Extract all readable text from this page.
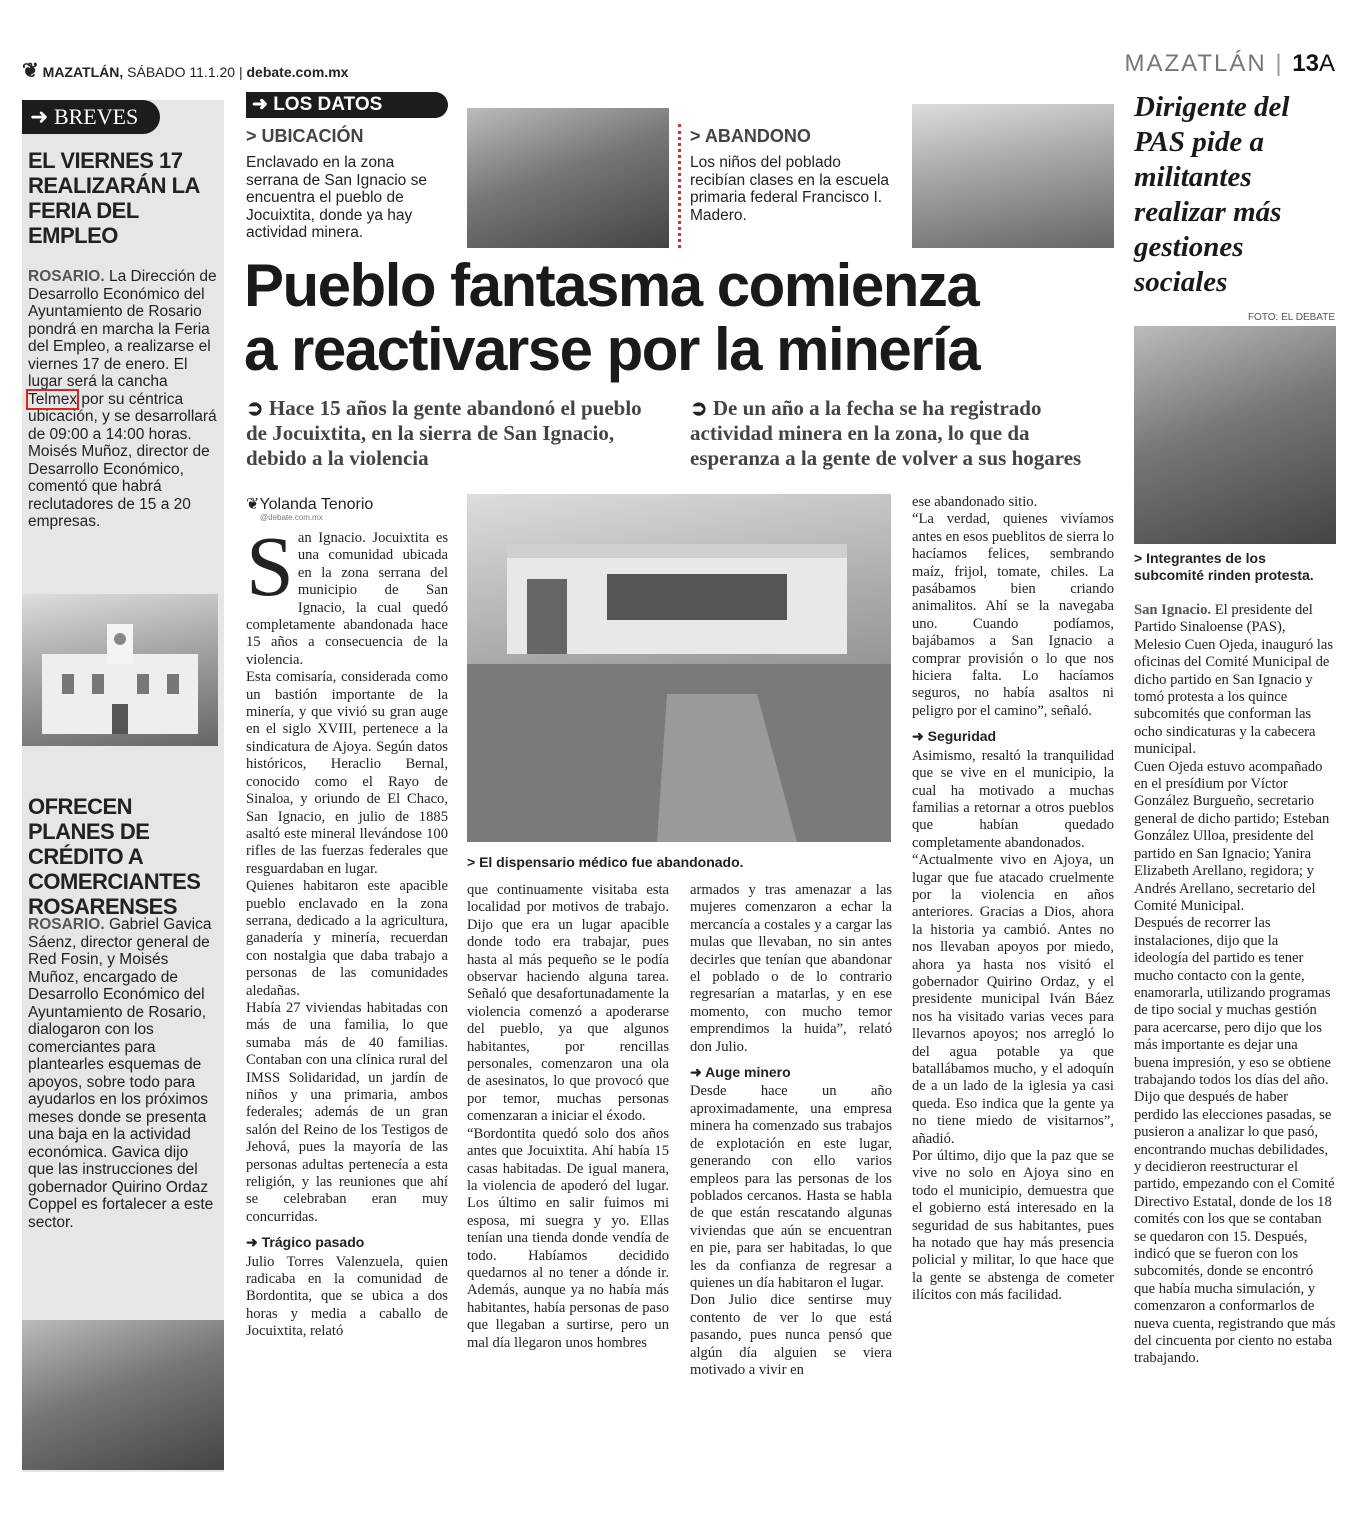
❦ MAZATLÁN, SÁBADO 11.1.20 | debate.com.mx	MAZATLÁN | 13A
➜ BREVES
EL VIERNES 17 REALIZARÁN LA FERIA DEL EMPLEO
ROSARIO. La Dirección de Desarrollo Económico del Ayuntamiento de Rosario pondrá en marcha la Feria del Empleo, a realizarse el viernes 17 de enero. El lugar será la cancha Telmex por su céntrica ubicación, y se desarrollará de 09:00 a 14:00 horas. Moisés Muñoz, director de Desarrollo Económico, comentó que habrá reclutadores de 15 a 20 empresas.
OFRECEN PLANES DE CRÉDITO A COMERCIANTES ROSARENSES
ROSARIO. Gabriel Gavica Sáenz, director general de Red Fosin, y Moisés Muñoz, encargado de Desarrollo Económico del Ayuntamiento de Rosario, dialogaron con los comerciantes para plantearles esquemas de apoyos, sobre todo para ayudarlos en los próximos meses donde se presenta una baja en la actividad económica. Gavica dijo que las instrucciones del gobernador Quirino Ordaz Coppel es fortalecer a este sector.
➜ LOS DATOS
> UBICACIÓN
Enclavado en la zona serrana de San Ignacio se encuentra el pueblo de Jocuixtita, donde ya hay actividad minera.
> ABANDONO
Los niños del poblado recibían clases en la escuela primaria federal Francisco I. Madero.
Pueblo fantasma comienza
a reactivarse por la minería
➲ Hace 15 años la gente abandonó el pueblo de Jocuixtita, en la sierra de San Ignacio, debido a la violencia
➲ De un año a la fecha se ha registrado actividad minera en la zona, lo que da esperanza a la gente de volver a sus hogares
❦Yolanda Tenorio
@debate.com.mx
> El dispensario médico fue abandonado.
S an Ignacio. Jocuixtita es una comunidad ubicada en la zona serrana del municipio de San Ignacio, la cual quedó completamente abandonada hace 15 años a consecuencia de la violencia.

Esta comisaría, considerada como un bastión importante de la minería, y que vivió su gran auge en el siglo XVIII, pertenece a la sindicatura de Ajoya. Según datos históricos, Heraclio Bernal, conocido como el Rayo de Sinaloa, y oriundo de El Chaco, San Ignacio, en julio de 1885 asaltó este mineral llevándose 100 rifles de las fuerzas federales que resguardaban en lugar.

Quienes habitaron este apacible pueblo enclavado en la zona serrana, dedicado a la agricultura, ganadería y minería, recuerdan con nostalgia que daba trabajo a personas de las comunidades aledañas.

Había 27 viviendas habitadas con más de una familia, lo que sumaba más de 40 familias. Contaban con una clínica rural del IMSS Solidaridad, un jardín de niños y una primaria, ambos federales; además de un gran salón del Reino de los Testigos de Jehová, pues la mayoría de las personas adultas pertenecía a esta religión, y las reuniones que ahí se celebraban eran muy concurridas.

➜ Trágico pasado

Julio Torres Valenzuela, quien radicaba en la comunidad de Bordontita, que se ubica a dos horas y media a caballo de Jocuixtita, relató

que continuamente visitaba esta localidad por motivos de trabajo. Dijo que era un lugar apacible donde todo era trabajar, pues hasta al más pequeño se le podía observar haciendo alguna tarea. Señaló que desafortunadamente la violencia comenzó a apoderarse del pueblo, ya que algunos habitantes, por rencillas personales, comenzaron una ola de asesinatos, lo que provocó que por temor, muchas personas comenzaran a iniciar el éxodo.

“Bordontita quedó solo dos años antes que Jocuixtita. Ahí había 15 casas habitadas. De igual manera, la violencia de apoderó del lugar. Los último en salir fuimos mi esposa, mi suegra y yo. Ellas tenían una tienda donde vendía de todo. Habíamos decidido quedarnos al no tener a dónde ir. Además, aunque ya no había más habitantes, había personas de paso que llegaban a surtirse, pero un mal día llegaron unos hombres

armados y tras amenazar a las mujeres comenzaron a echar la mercancía a costales y a cargar las mulas que llevaban, no sin antes decirles que tenían que abandonar el poblado o de lo contrario regresarían a matarlas, y en ese momento, con mucho temor emprendimos la huida”, relató don Julio.

➜ Auge minero

Desde hace un año aproximadamente, una empresa minera ha comenzado sus trabajos de explotación en este lugar, generando con ello varios empleos para las personas de los poblados cercanos. Hasta se habla de que están rescatando algunas viviendas que aún se encuentran en pie, para ser habitadas, lo que les da confianza de regresar a quienes un día habitaron el lugar.

Don Julio dice sentirse muy contento de ver lo que está pasando, pues nunca pensó que algún día alguien se viera motivado a vivir en

ese abandonado sitio.

“La verdad, quienes vivíamos antes en esos pueblitos de sierra lo hacíamos felices, sembrando maíz, frijol, tomate, chiles. La pasábamos bien criando animalitos. Ahí se la navegaba uno. Cuando podíamos, bajábamos a San Ignacio a comprar provisión o lo que nos hiciera falta. Lo hacíamos seguros, no había asaltos ni peligro por el camino”, señaló.

➜ Seguridad

Asimismo, resaltó la tranquilidad que se vive en el municipio, la cual ha motivado a muchas familias a retornar a otros pueblos que habían quedado completamente abandonados.

“Actualmente vivo en Ajoya, un lugar que fue atacado cruelmente por la violencia en años anteriores. Gracias a Dios, ahora la historia ya cambió. Antes no nos llevaban apoyos por miedo, ahora ya hasta nos visitó el gobernador Quirino Ordaz, y el presidente municipal Iván Báez nos ha visitado varias veces para llevarnos apoyos; nos arregló lo del agua potable ya que batallábamos mucho, y el adoquín de a un lado de la iglesia ya casi queda. Eso indica que la gente ya no tiene miedo de visitarnos”, añadió.

Por último, dijo que la paz que se vive no solo en Ajoya sino en todo el municipio, demuestra que el gobierno está interesado en la seguridad de sus habitantes, pues ha notado que hay más presencia policial y militar, lo que hace que la gente se abstenga de cometer ilícitos con más facilidad.

Dirigente del PAS pide a militantes realizar más gestiones sociales
FOTO: EL DEBATE
> Integrantes de los subcomité rinden protesta.
San Ignacio. El presidente del Partido Sinaloense (PAS), Melesio Cuen Ojeda, inauguró las oficinas del Comité Municipal de dicho partido en San Ignacio y tomó protesta a los quince subcomités que conforman las ocho sindicaturas y la cabecera municipal.

Cuen Ojeda estuvo acompañado en el presídium por Víctor González Burgueño, secretario general de dicho partido; Esteban González Ulloa, presidente del partido en San Ignacio; Yanira Elizabeth Arellano, regidora; y Andrés Arellano, secretario del Comité Municipal.

Después de recorrer las instalaciones, dijo que la ideología del partido es tener mucho contacto con la gente, enamorarla, utilizando programas de tipo social y muchas gestión para acercarse, pero dijo que los más importante es dejar una buena impresión, y eso se obtiene trabajando todos los días del año.

Dijo que después de haber perdido las elecciones pasadas, se pusieron a analizar lo que pasó, encontrando muchas debilidades, y decidieron reestructurar el partido, empezando con el Comité Directivo Estatal, donde de los 18 comités con los que se contaban se quedaron con 15. Después, indicó que se fueron con los subcomités, donde se encontró que había mucha simulación, y comenzaron a conformarlos de nueva cuenta, registrando que más del cincuenta por ciento no estaba trabajando.
